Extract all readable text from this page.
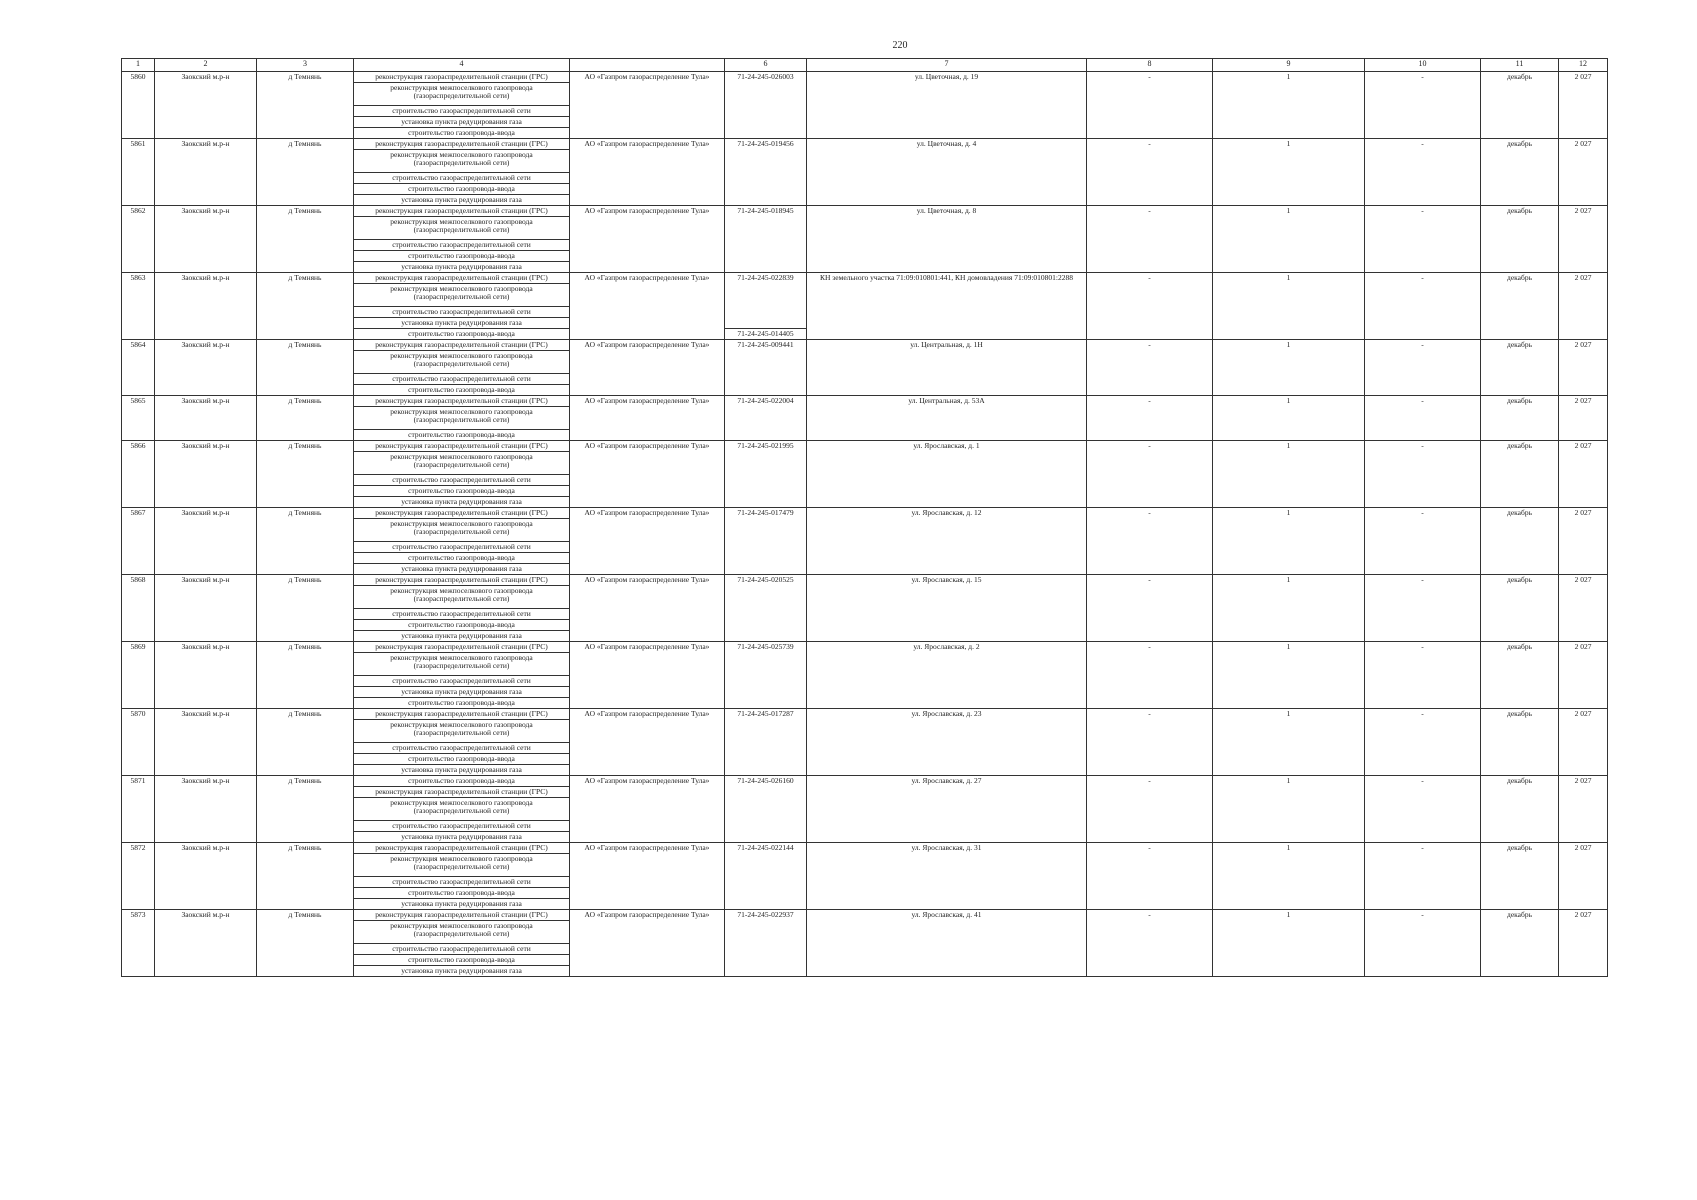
220
1	2	3	4		6	7	8	9	10	11	12
5860	Заокский м.р-н	д Темнянь	реконструкция газораспределительной станции (ГРС)	АО «Газпром газораспределение Тула»	71-24-245-026003	ул. Цветочная, д. 19	-	1	-	декабрь	2 027
			реконструкция межпоселкового газопровода (газораспределительной сети)								
			строительство газораспределительной сети								
			установка пункта редуцирования газа								
			строительство газопровода-ввода								
5861	Заокский м.р-н	д Темнянь	реконструкция газораспределительной станции (ГРС)	АО «Газпром газораспределение Тула»	71-24-245-019456	ул. Цветочная, д. 4	-	1	-	декабрь	2 027
			реконструкция межпоселкового газопровода (газораспределительной сети)								
			строительство газораспределительной сети								
			строительство газопровода-ввода								
			установка пункта редуцирования газа								
5862	Заокский м.р-н	д Темнянь	реконструкция газораспределительной станции (ГРС)	АО «Газпром газораспределение Тула»	71-24-245-018945	ул. Цветочная, д. 8	-	1	-	декабрь	2 027
			реконструкция межпоселкового газопровода (газораспределительной сети)								
			строительство газораспределительной сети								
			строительство газопровода-ввода								
			установка пункта редуцирования газа								
5863	Заокский м.р-н	д Темнянь	реконструкция газораспределительной станции (ГРС)	АО «Газпром газораспределение Тула»	71-24-245-022839	КН земельного участка 71:09:010801:441, КН домовладения 71:09:010801:2288	-	1	-	декабрь	2 027
			реконструкция межпоселкового газопровода (газораспределительной сети)								
			строительство газораспределительной сети								
			установка пункта редуцирования газа								
			строительство газопровода-ввода		71-24-245-014405						
5864	Заокский м.р-н	д Темнянь	реконструкция газораспределительной станции (ГРС)	АО «Газпром газораспределение Тула»	71-24-245-009441	ул. Центральная, д. 1Н	-	1	-	декабрь	2 027
			реконструкция межпоселкового газопровода (газораспределительной сети)								
			строительство газораспределительной сети								
			строительство газопровода-ввода								
5865	Заокский м.р-н	д Темнянь	реконструкция газораспределительной станции (ГРС)	АО «Газпром газораспределение Тула»	71-24-245-022004	ул. Центральная, д. 53А	-	1	-	декабрь	2 027
			реконструкция межпоселкового газопровода (газораспределительной сети)								
			строительство газопровода-ввода								
5866	Заокский м.р-н	д Темнянь	реконструкция газораспределительной станции (ГРС)	АО «Газпром газораспределение Тула»	71-24-245-021995	ул. Ярославская, д. 1	-	1	-	декабрь	2 027
			реконструкция межпоселкового газопровода (газораспределительной сети)								
			строительство газораспределительной сети								
			строительство газопровода-ввода								
			установка пункта редуцирования газа								
5867	Заокский м.р-н	д Темнянь	реконструкция газораспределительной станции (ГРС)	АО «Газпром газораспределение Тула»	71-24-245-017479	ул. Ярославская, д. 12	-	1	-	декабрь	2 027
			реконструкция межпоселкового газопровода (газораспределительной сети)								
			строительство газораспределительной сети								
			строительство газопровода-ввода								
			установка пункта редуцирования газа								
5868	Заокский м.р-н	д Темнянь	реконструкция газораспределительной станции (ГРС)	АО «Газпром газораспределение Тула»	71-24-245-020525	ул. Ярославская, д. 15	-	1	-	декабрь	2 027
			реконструкция межпоселкового газопровода (газораспределительной сети)								
			строительство газораспределительной сети								
			строительство газопровода-ввода								
			установка пункта редуцирования газа								
5869	Заокский м.р-н	д Темнянь	реконструкция газораспределительной станции (ГРС)	АО «Газпром газораспределение Тула»	71-24-245-025739	ул. Ярославская, д. 2	-	1	-	декабрь	2 027
			реконструкция межпоселкового газопровода (газораспределительной сети)								
			строительство газораспределительной сети								
			установка пункта редуцирования газа								
			строительство газопровода-ввода								
5870	Заокский м.р-н	д Темнянь	реконструкция газораспределительной станции (ГРС)	АО «Газпром газораспределение Тула»	71-24-245-017287	ул. Ярославская, д. 23	-	1	-	декабрь	2 027
			реконструкция межпоселкового газопровода (газораспределительной сети)								
			строительство газораспределительной сети								
			строительство газопровода-ввода								
			установка пункта редуцирования газа								
5871	Заокский м.р-н	д Темнянь	строительство газопровода-ввода	АО «Газпром газораспределение Тула»	71-24-245-026160	ул. Ярославская, д. 27	-	1	-	декабрь	2 027
			реконструкция газораспределительной станции (ГРС)								
			реконструкция межпоселкового газопровода (газораспределительной сети)								
			строительство газораспределительной сети								
			установка пункта редуцирования газа								
5872	Заокский м.р-н	д Темнянь	реконструкция газораспределительной станции (ГРС)	АО «Газпром газораспределение Тула»	71-24-245-022144	ул. Ярославская, д. 31	-	1	-	декабрь	2 027
			реконструкция межпоселкового газопровода (газораспределительной сети)								
			строительство газораспределительной сети								
			строительство газопровода-ввода								
			установка пункта редуцирования газа								
5873	Заокский м.р-н	д Темнянь	реконструкция газораспределительной станции (ГРС)	АО «Газпром газораспределение Тула»	71-24-245-022937	ул. Ярославская, д. 41	-	1	-	декабрь	2 027
			реконструкция межпоселкового газопровода (газораспределительной сети)								
			строительство газораспределительной сети								
			строительство газопровода-ввода								
			установка пункта редуцирования газа								
